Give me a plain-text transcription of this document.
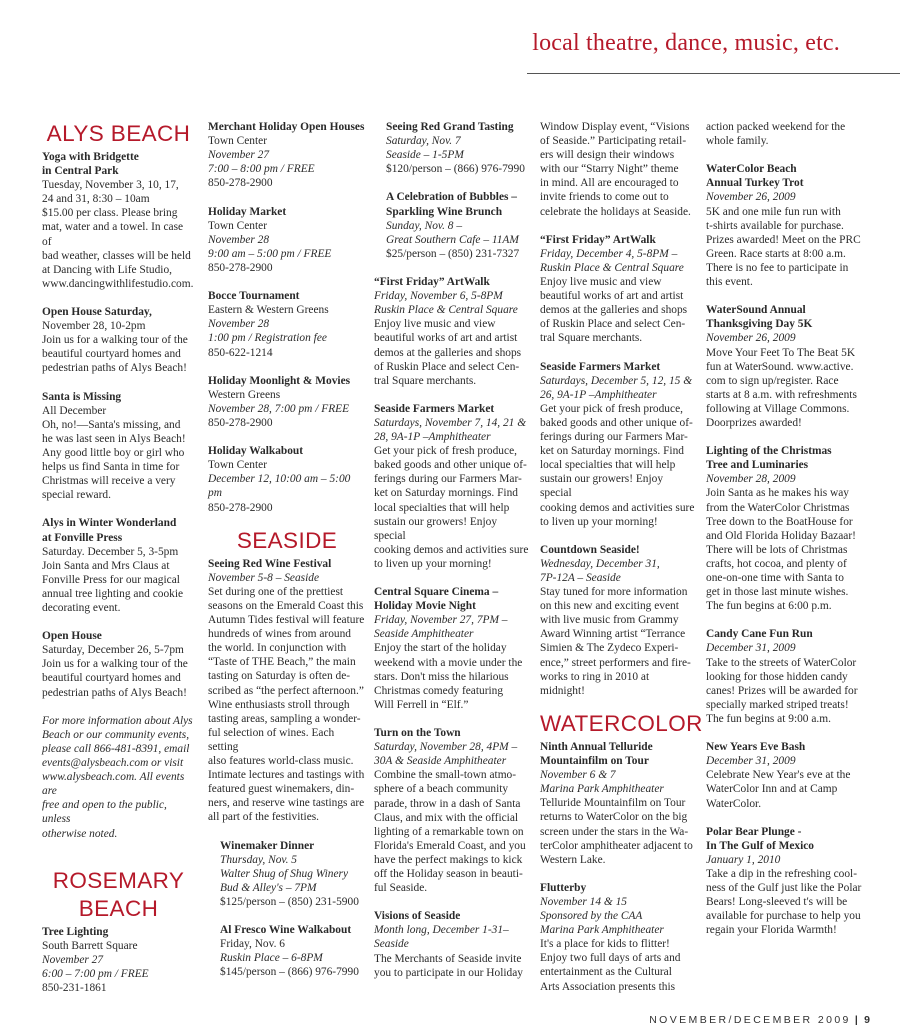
local theatre, dance, music, etc.
ALYS BEACH
Yoga with Bridgette
in Central Park
Tuesday, November 3, 10, 17,
24 and 31, 8:30 – 10am
$15.00 per class. Please bring
mat, water and a towel. In case of
bad weather, classes will be held
at Dancing with Life Studio,
www.dancingwithlifestudio.com.
Open House Saturday,
November 28, 10-2pm
Join us for a walking tour of the
beautiful courtyard homes and
pedestrian paths of Alys Beach!
Santa is Missing
All December
Oh, no!—Santa's missing, and
he was last seen in Alys Beach!
Any good little boy or girl who
helps us find Santa in time for
Christmas will receive a very
special reward.
Alys in Winter Wonderland
at Fonville Press
Saturday. December 5, 3-5pm
Join Santa and Mrs Claus at
Fonville Press for our magical
annual tree lighting and cookie
decorating event.
Open House
Saturday, December 26, 5-7pm
Join us for a walking tour of the
beautiful courtyard homes and
pedestrian paths of Alys Beach!
For more information about Alys
Beach or our community events,
please call 866-481-8391, email
events@alysbeach.com or visit
www.alysbeach.com. All events are
free and open to the public, unless
otherwise noted.
ROSEMARY
BEACH
Tree Lighting
South Barrett Square
November 27
6:00 – 7:00 pm / FREE
850-231-1861
Merchant Holiday Open Houses
Town Center
November 27
7:00 – 8:00 pm / FREE
850-278-2900
Holiday Market
Town Center
November 28
9:00 am – 5:00 pm / FREE
850-278-2900
Bocce Tournament
Eastern & Western Greens
November 28
1:00 pm / Registration fee
850-622-1214
Holiday Moonlight & Movies
Western Greens
November 28, 7:00 pm / FREE
850-278-2900
Holiday Walkabout
Town Center
December 12, 10:00 am – 5:00 pm
850-278-2900
SEASIDE
Seeing Red Wine Festival
November 5-8 – Seaside
Set during one of the prettiest
seasons on the Emerald Coast this
Autumn Tides festival will feature
hundreds of wines from around
the world. In conjunction with
“Taste of THE Beach,” the main
tasting on Saturday is often de-
scribed as “the perfect afternoon.”
Wine enthusiasts stroll through
tasting areas, sampling a wonder-
ful selection of wines. Each setting
also features world-class music.
Intimate lectures and tastings with
featured guest winemakers, din-
ners, and reserve wine tastings are
all part of the festivities.
Winemaker Dinner
Thursday, Nov. 5
Walter Shug of Shug Winery
Bud & Alley's – 7PM
$125/person – (850) 231-5900
Al Fresco Wine Walkabout
Friday, Nov. 6
Ruskin Place – 6-8PM
$145/person – (866) 976-7990
Seeing Red Grand Tasting
Saturday, Nov. 7
Seaside – 1-5PM
$120/person – (866) 976-7990
A Celebration of Bubbles –
Sparkling Wine Brunch
Sunday, Nov. 8 –
Great Southern Cafe – 11AM
$25/person – (850) 231-7327
“First Friday” ArtWalk
Friday, November 6, 5-8PM
Ruskin Place & Central Square
Enjoy live music and view
beautiful works of art and artist
demos at the galleries and shops
of Ruskin Place and select Cen-
tral Square merchants.
Seaside Farmers Market
Saturdays, November 7, 14, 21 &
28, 9A-1P –Amphitheater
Get your pick of fresh produce,
baked goods and other unique of-
ferings during our Farmers Mar-
ket on Saturday mornings. Find
local specialties that will help
sustain our growers! Enjoy special
cooking demos and activities sure
to liven up your morning!
Central Square Cinema –
Holiday Movie Night
Friday, November 27, 7PM –
Seaside Amphitheater
Enjoy the start of the holiday
weekend with a movie under the
stars. Don't miss the hilarious
Christmas comedy featuring
Will Ferrell in “Elf.”
Turn on the Town
Saturday, November 28, 4PM –
30A & Seaside Amphitheater
Combine the small-town atmo-
sphere of a beach community
parade, throw in a dash of Santa
Claus, and mix with the official
lighting of a remarkable town on
Florida's Emerald Coast, and you
have the perfect makings to kick
off the Holiday season in beauti-
ful Seaside.
Visions of Seaside
Month long, December 1-31–
Seaside
The Merchants of Seaside invite
you to participate in our Holiday
Window Display event, “Visions
of Seaside.” Participating retail-
ers will design their windows
with our “Starry Night” theme
in mind. All are encouraged to
invite friends to come out to
celebrate the holidays at Seaside.
“First Friday” ArtWalk
Friday, December 4, 5-8PM –
Ruskin Place & Central Square
Enjoy live music and view
beautiful works of art and artist
demos at the galleries and shops
of Ruskin Place and select Cen-
tral Square merchants.
Seaside Farmers Market
Saturdays, December 5, 12, 15 &
26, 9A-1P –Amphitheater
Get your pick of fresh produce,
baked goods and other unique of-
ferings during our Farmers Mar-
ket on Saturday mornings. Find
local specialties that will help
sustain our growers! Enjoy special
cooking demos and activities sure
to liven up your morning!
Countdown Seaside!
Wednesday, December 31,
7P-12A – Seaside
Stay tuned for more information
on this new and exciting event
with live music from Grammy
Award Winning artist “Terrance
Simien & The Zydeco Experi-
ence,” street performers and fire-
works to ring in 2010 at midnight!
WATERCOLOR
Ninth Annual Telluride
Mountainfilm on Tour
November 6 & 7
Marina Park Amphitheater
Telluride Mountainfilm on Tour
returns to WaterColor on the big
screen under the stars in the Wa-
terColor amphitheater adjacent to
Western Lake.
Flutterby
November 14 & 15
Sponsored by the CAA
Marina Park Amphitheater
It's a place for kids to flitter!
Enjoy two full days of arts and
entertainment as the Cultural
Arts Association presents this
action packed weekend for the
whole family.
WaterColor Beach
Annual Turkey Trot
November 26, 2009
5K and one mile fun run with
t-shirts available for purchase.
Prizes awarded! Meet on the PRC
Green. Race starts at 8:00 a.m.
There is no fee to participate in
this event.
WaterSound Annual
Thanksgiving Day 5K
November 26, 2009
Move Your Feet To The Beat 5K
fun at WaterSound. www.active.
com to sign up/register. Race
starts at 8 a.m. with refreshments
following at Village Commons.
Doorprizes awarded!
Lighting of the Christmas
Tree and Luminaries
November 28, 2009
Join Santa as he makes his way
from the WaterColor Christmas
Tree down to the BoatHouse for
and Old Florida Holiday Bazaar!
There will be lots of Christmas
crafts, hot cocoa, and plenty of
one-on-one time with Santa to
get in those last minute wishes.
The fun begins at 6:00 p.m.
Candy Cane Fun Run
December 31, 2009
Take to the streets of WaterColor
looking for those hidden candy
canes! Prizes will be awarded for
specially marked striped treats!
The fun begins at 9:00 a.m.
New Years Eve Bash
December 31, 2009
Celebrate New Year's eve at the
WaterColor Inn and at Camp
WaterColor.
Polar Bear Plunge -
In The Gulf of Mexico
January 1, 2010
Take a dip in the refreshing cool-
ness of the Gulf just like the Polar
Bears! Long-sleeved t's will be
available for purchase to help you
regain your Florida Warmth!
NOVEMBER/DECEMBER 2009 | 9
